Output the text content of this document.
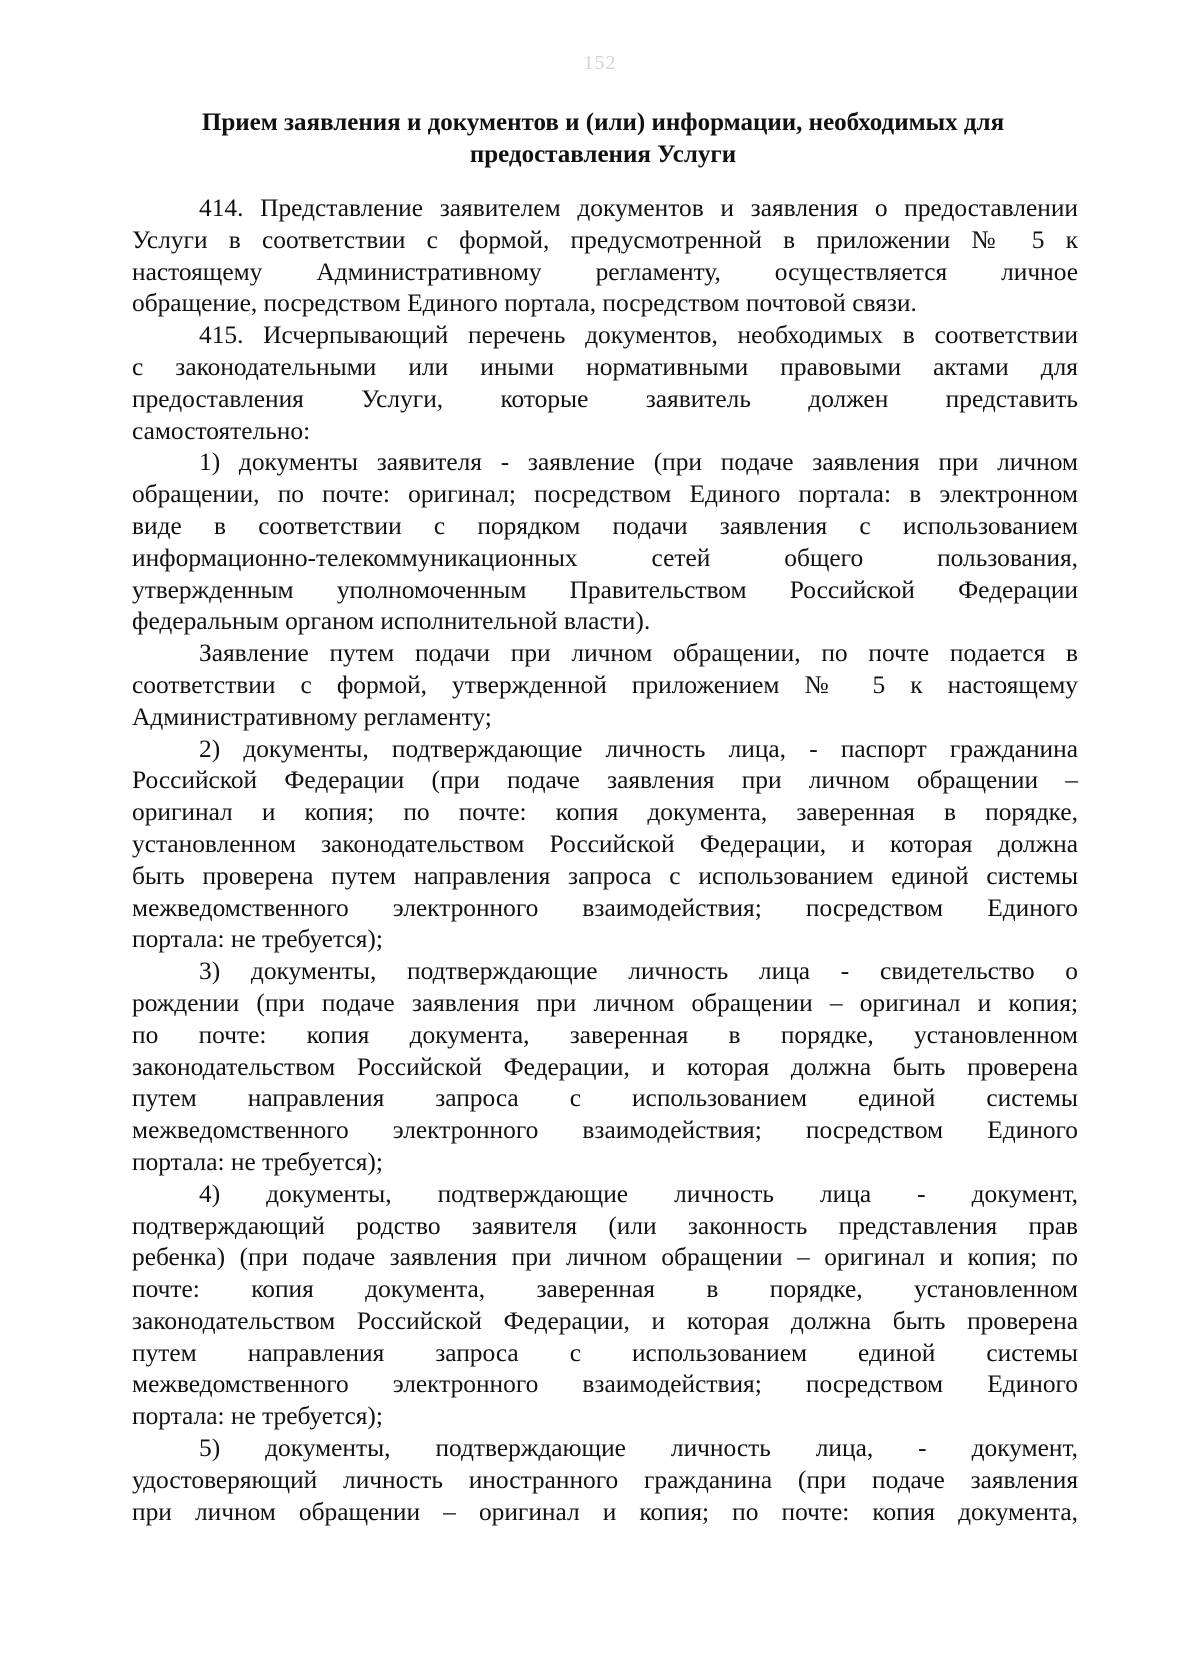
152
Прием заявления и документов и (или) информации, необходимых для
предоставления Услуги

414. Представление заявителем документов и заявления о предоставлении
Услуги в соответствии с формой, предусмотренной в приложении № 5 к
настоящему Административному регламенту, осуществляется личное
обращение, посредством Единого портала, посредством почтовой связи.

415. Исчерпывающий перечень документов, необходимых в соответствии
с законодательными или иными нормативными правовыми актами для
предоставления Услуги, которые заявитель должен представить
самостоятельно:

1) документы заявителя - заявление (при подаче заявления при личном
обращении, по почте: оригинал; посредством Единого портала: в электронном
виде в соответствии с порядком подачи заявления с использованием
информационно-телекоммуникационных сетей общего пользования,
утвержденным уполномоченным Правительством Российской Федерации
федеральным органом исполнительной власти).

Заявление путем подачи при личном обращении, по почте подается в
соответствии с формой, утвержденной приложением № 5 к настоящему
Административному регламенту;

2) документы, подтверждающие личность лица, - паспорт гражданина
Российской Федерации (при подаче заявления при личном обращении –
оригинал и копия; по почте: копия документа, заверенная в порядке,
установленном законодательством Российской Федерации, и которая должна
быть проверена путем направления запроса с использованием единой системы
межведомственного электронного взаимодействия; посредством Единого
портала: не требуется);

3) документы, подтверждающие личность лица - свидетельство о
рождении (при подаче заявления при личном обращении – оригинал и копия;
по почте: копия документа, заверенная в порядке, установленном
законодательством Российской Федерации, и которая должна быть проверена
путем направления запроса с использованием единой системы
межведомственного электронного взаимодействия; посредством Единого
портала: не требуется);

4) документы, подтверждающие личность лица - документ,
подтверждающий родство заявителя (или законность представления прав
ребенка) (при подаче заявления при личном обращении – оригинал и копия; по
почте: копия документа, заверенная в порядке, установленном
законодательством Российской Федерации, и которая должна быть проверена
путем направления запроса с использованием единой системы
межведомственного электронного взаимодействия; посредством Единого
портала: не требуется);

5) документы, подтверждающие личность лица, - документ,
удостоверяющий личность иностранного гражданина (при подаче заявления
при личном обращении – оригинал и копия; по почте: копия документа,
